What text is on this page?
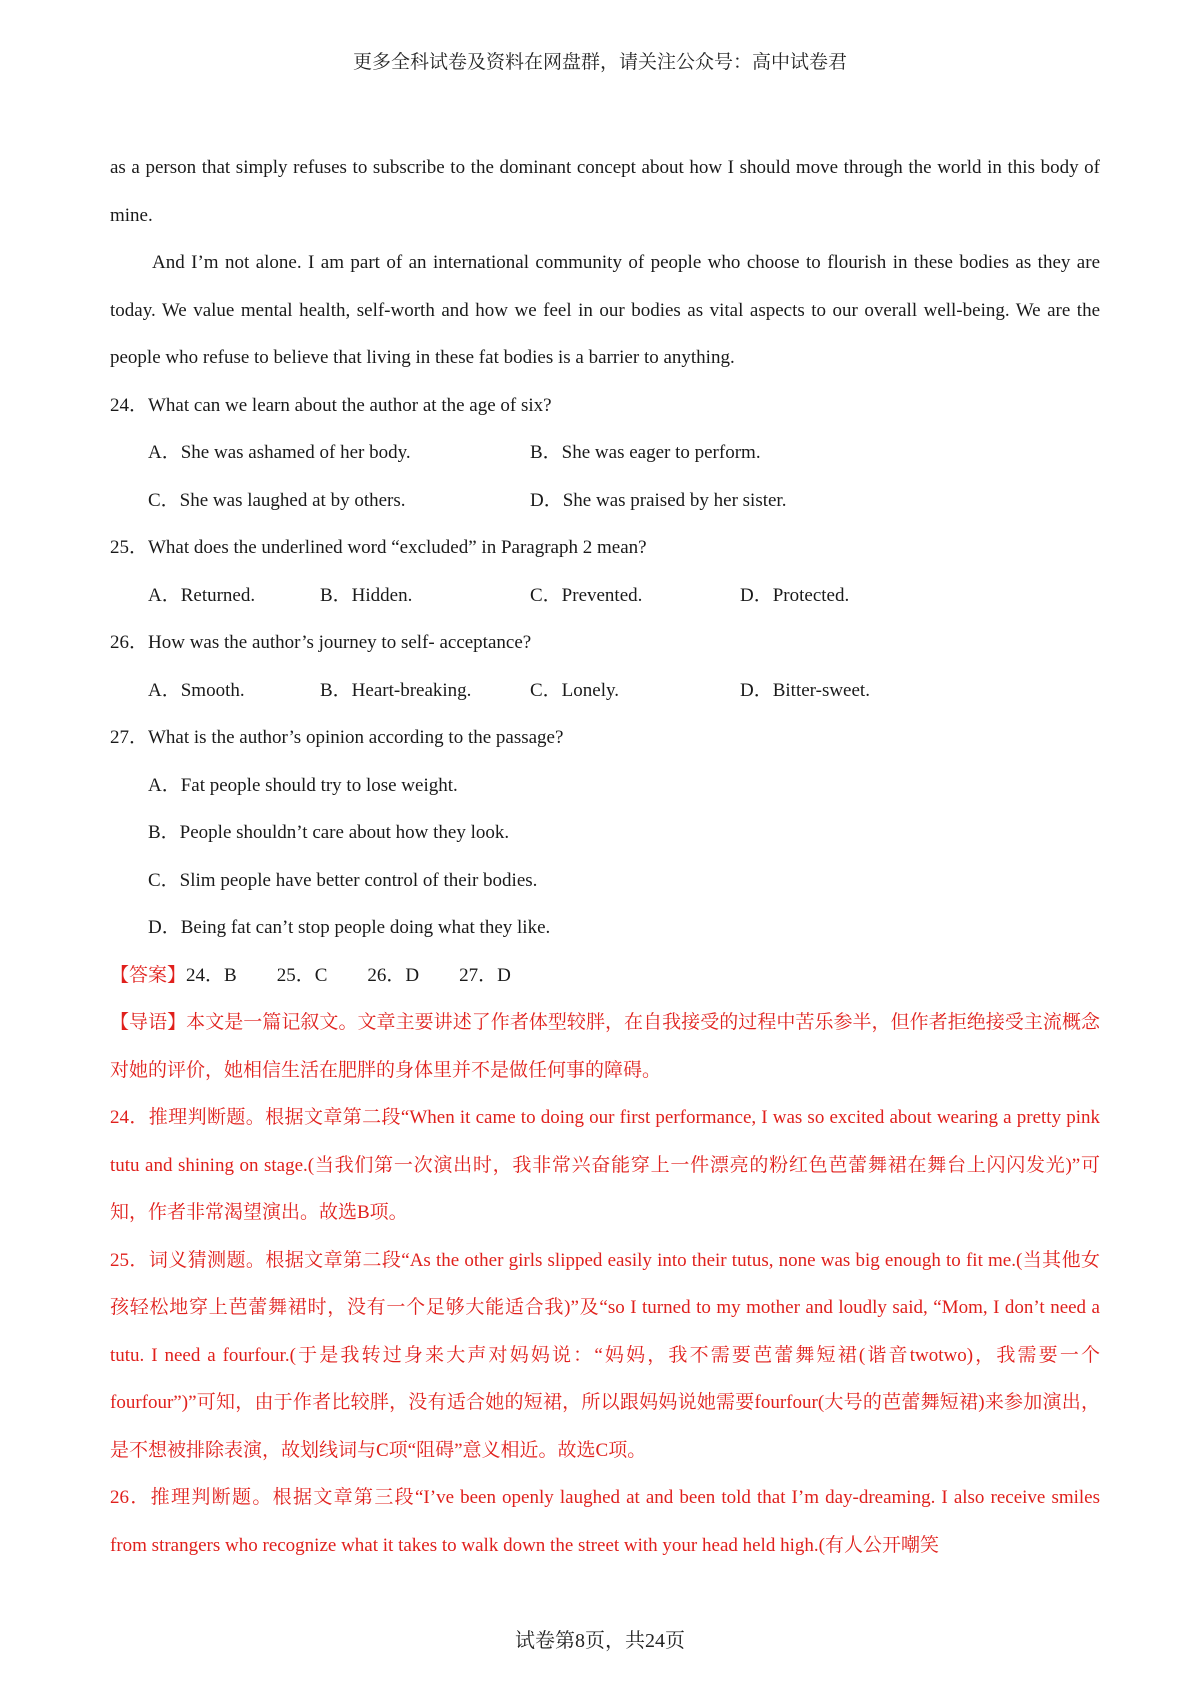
更多全科试卷及资料在网盘群，请关注公众号：高中试卷君

as a person that simply refuses to subscribe to the dominant concept about how I should move through the world in this body of mine.

And I’m not alone. I am part of an international community of people who choose to flourish in these bodies as they are today. We value mental health, self-worth and how we feel in our bodies as vital aspects to our overall well-being. We are the people who refuse to believe that living in these fat bodies is a barrier to anything.

24．What can we learn about the author at the age of six?

A．She was ashamed of her body.	B．She was eager to perform.
C．She was laughed at by others.	D．She was praised by her sister.

25．What does the underlined word “excluded” in Paragraph 2 mean?

A．Returned.	B．Hidden.	C．Prevented.	D．Protected.

26．How was the author’s journey to self- acceptance?

A．Smooth.	B．Heart-breaking.	C．Lonely.	D．Bitter-sweet.

27．What is the author’s opinion according to the passage?

A．Fat people should try to lose weight.

B．People shouldn’t care about how they look.

C．Slim people have better control of their bodies.

D．Being fat can’t stop people doing what they like.

【答案】24．B 25．C 26．D 27．D

【导语】本文是一篇记叙文。文章主要讲述了作者体型较胖，在自我接受的过程中苦乐参半，但作者拒绝接受主流概念对她的评价，她相信生活在肥胖的身体里并不是做任何事的障碍。

24．推理判断题。根据文章第二段“When it came to doing our first performance, I was so excited about wearing a pretty pink tutu and shining on stage.(当我们第一次演出时，我非常兴奋能穿上一件漂亮的粉红色芭蕾舞裙在舞台上闪闪发光)”可知，作者非常渴望演出。故选B项。

25．词义猜测题。根据文章第二段“As the other girls slipped easily into their tutus, none was big enough to fit me.(当其他女孩轻松地穿上芭蕾舞裙时，没有一个足够大能适合我)”及“so I turned to my mother and loudly said, “Mom, I don’t need a tutu. I need a fourfour.(于是我转过身来大声对妈妈说：“妈妈，我不需要芭蕾舞短裙(谐音twotwo)，我需要一个fourfour”)”可知，由于作者比较胖，没有适合她的短裙，所以跟妈妈说她需要fourfour(大号的芭蕾舞短裙)来参加演出，是不想被排除表演，故划线词与C项“阻碍”意义相近。故选C项。

26．推理判断题。根据文章第三段“I’ve been openly laughed at and been told that I’m day-dreaming. I also receive smiles from strangers who recognize what it takes to walk down the street with your head held high.(有人公开嘲笑

试卷第8页，共24页
